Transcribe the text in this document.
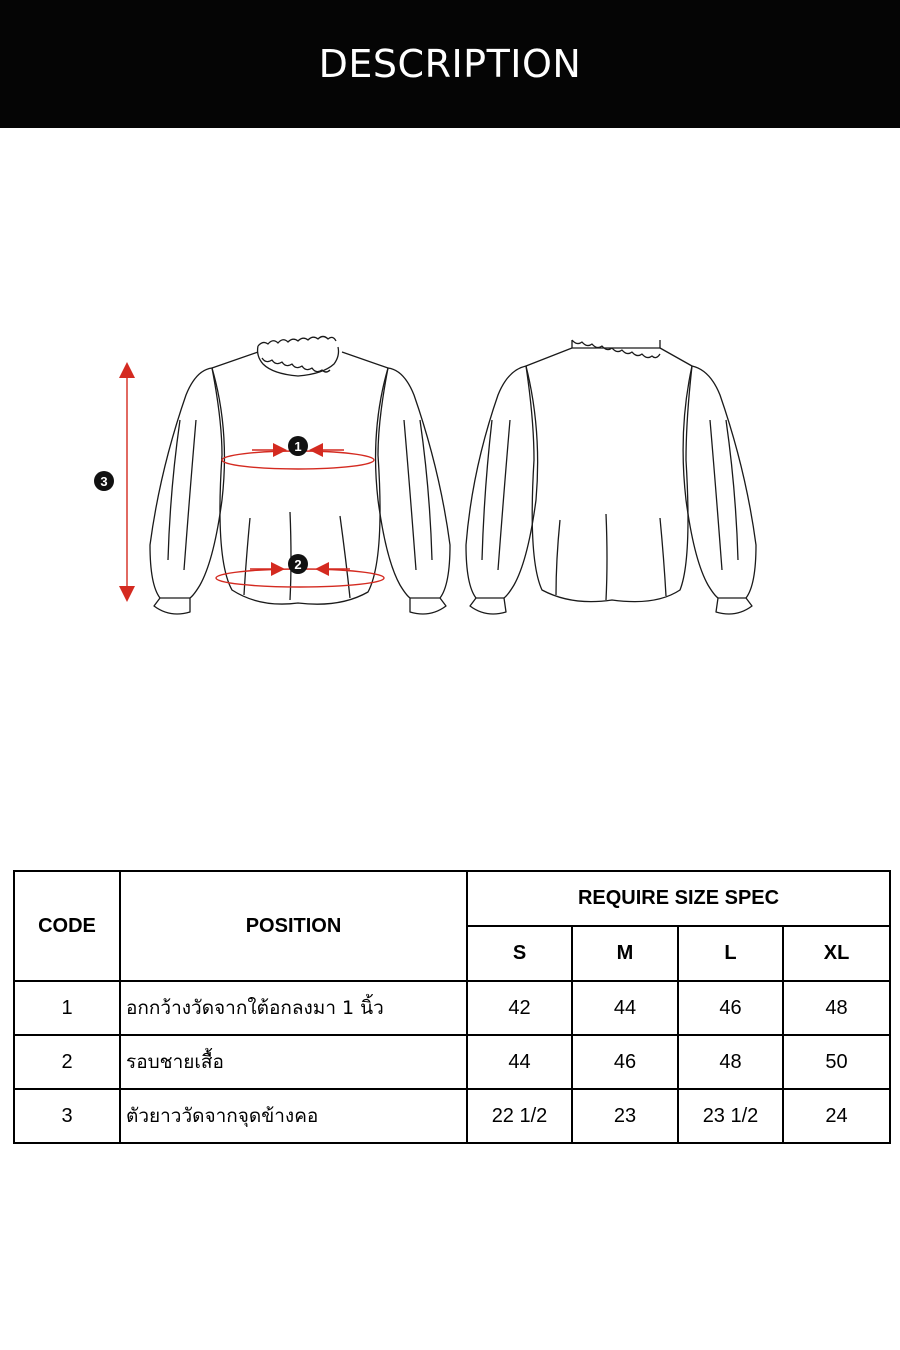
DESCRIPTION
1
2
3
CODE	POSITION	REQUIRE SIZE SPEC			
		S	M	L	XL
1	อกกว้างวัดจากใต้อกลงมา 1 นิ้ว	42	44	46	48
2	รอบชายเสื้อ	44	46	48	50
3	ตัวยาววัดจากจุดข้างคอ	22 1/2	23	23 1/2	24
